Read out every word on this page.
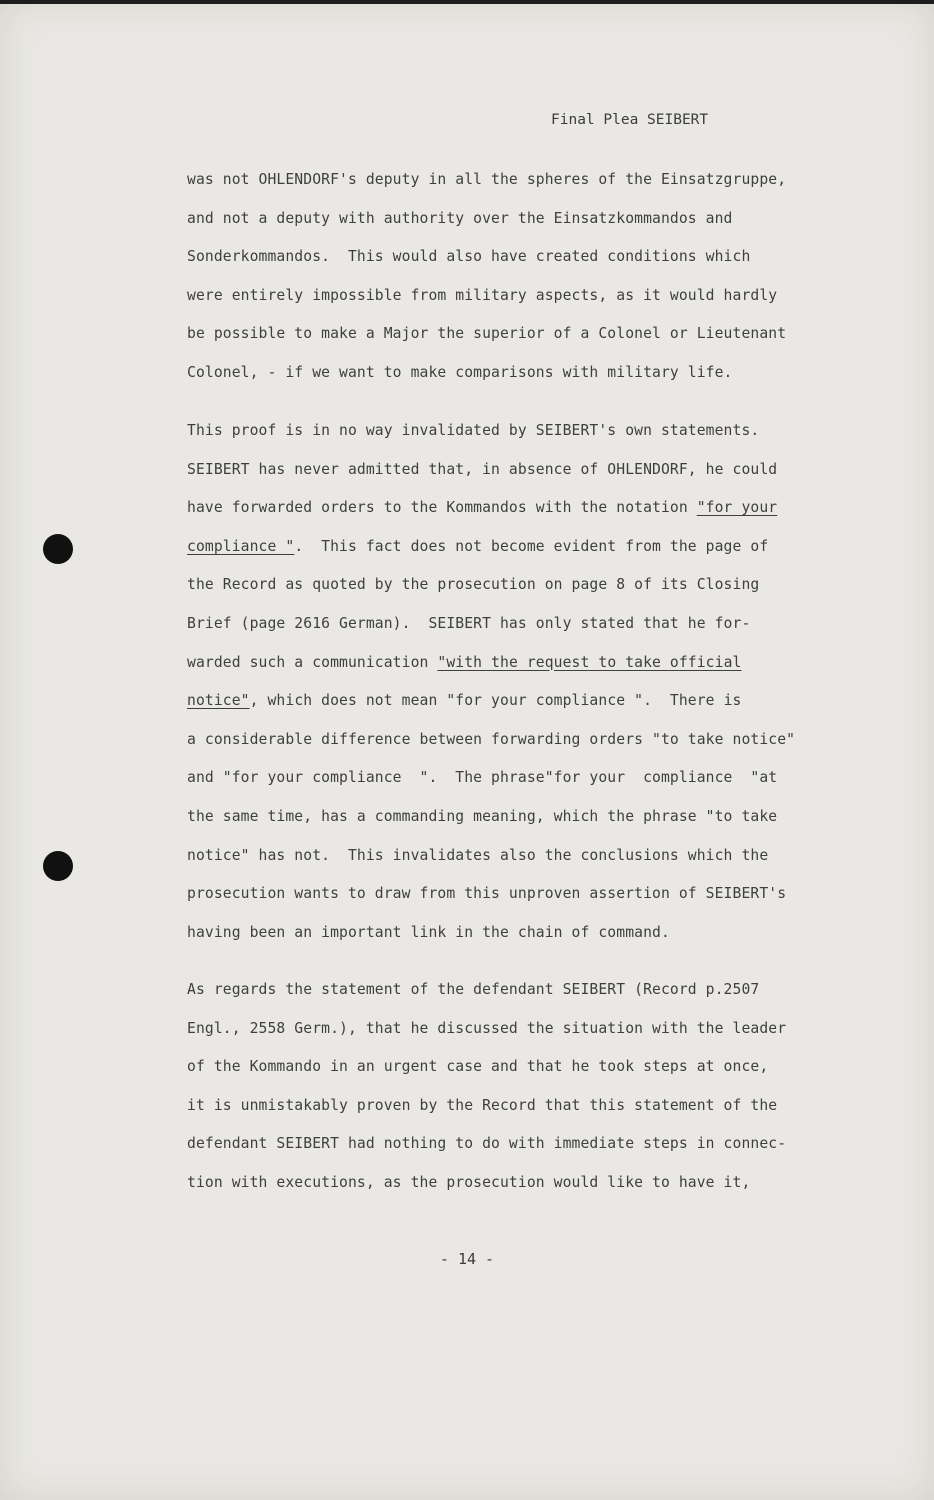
Final Plea SEIBERT
was not OHLENDORF's deputy in all the spheres of the Einsatzgruppe,
and not a deputy with authority over the Einsatzkommandos and
Sonderkommandos.  This would also have created conditions which
were entirely impossible from military aspects, as it would hardly
be possible to make a Major the superior of a Colonel or Lieutenant
Colonel, - if we want to make comparisons with military life.
This proof is in no way invalidated by SEIBERT's own statements.
SEIBERT has never admitted that, in absence of OHLENDORF, he could
have forwarded orders to the Kommandos with the notation "for your
compliance ".  This fact does not become evident from the page of
the Record as quoted by the prosecution on page 8 of its Closing
Brief (page 2616 German).  SEIBERT has only stated that he for-
warded such a communication "with the request to take official
notice", which does not mean "for your compliance ".  There is
a considerable difference between forwarding orders "to take notice"
and "for your compliance  ".  The phrase"for your  compliance  "at
the same time, has a commanding meaning, which the phrase "to take
notice" has not.  This invalidates also the conclusions which the
prosecution wants to draw from this unproven assertion of SEIBERT's
having been an important link in the chain of command.
As regards the statement of the defendant SEIBERT (Record p.2507
Engl., 2558 Germ.), that he discussed the situation with the leader
of the Kommando in an urgent case and that he took steps at once,
it is unmistakably proven by the Record that this statement of the
defendant SEIBERT had nothing to do with immediate steps in connec-
tion with executions, as the prosecution would like to have it,
- 14 -
